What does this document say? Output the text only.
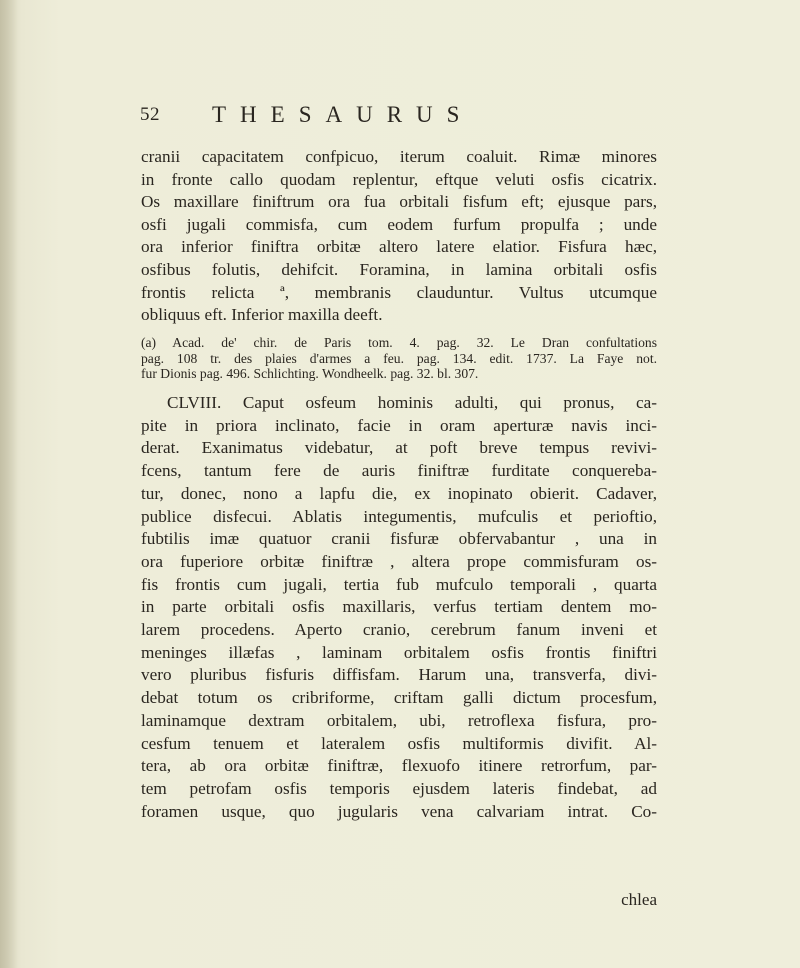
52 THESAURUS

cranii capacitatem confpicuo, iterum coaluit. Rimæ minores

in fronte callo quodam replentur, eftque veluti osfis cicatrix.

Os maxillare finiftrum ora fua orbitali fisfum eft; ejusque pars,

osfi jugali commisfa, cum eodem furfum propulfa ; unde

ora inferior finiftra orbitæ altero latere elatior. Fisfura hæc,

osfibus folutis, dehifcit. Foramina, in lamina orbitali osfis

frontis relicta ª, membranis clauduntur. Vultus utcumque

obliquus eft. Inferior maxilla deeft.

(a) Acad. de' chir. de Paris tom. 4. pag. 32. Le Dran confultations

pag. 108 tr. des plaies d'armes a feu. pag. 134. edit. 1737. La Faye not.

fur Dionis pag. 496. Schlichting. Wondheelk. pag. 32. bl. 307.

CLVIII. Caput osfeum hominis adulti, qui pronus, ca-

pite in priora inclinato, facie in oram aperturæ navis inci-

derat. Exanimatus videbatur, at poft breve tempus revivi-

fcens, tantum fere de auris finiftræ furditate conquereba-

tur, donec, nono a lapfu die, ex inopinato obierit. Cadaver,

publice disfecui. Ablatis integumentis, mufculis et perioftio,

fubtilis imæ quatuor cranii fisfuræ obfervabantur , una in

ora fuperiore orbitæ finiftræ , altera prope commisfuram os-

fis frontis cum jugali, tertia fub mufculo temporali , quarta

in parte orbitali osfis maxillaris, verfus tertiam dentem mo-

larem procedens. Aperto cranio, cerebrum fanum inveni et

meninges illæfas , laminam orbitalem osfis frontis finiftri

vero pluribus fisfuris diffisfam. Harum una, transverfa, divi-

debat totum os cribriforme, criftam galli dictum procesfum,

laminamque dextram orbitalem, ubi, retroflexa fisfura, pro-

cesfum tenuem et lateralem osfis multiformis divifit. Al-

tera, ab ora orbitæ finiftræ, flexuofo itinere retrorfum, par-

tem petrofam osfis temporis ejusdem lateris findebat, ad

foramen usque, quo jugularis vena calvariam intrat. Co-

chlea
